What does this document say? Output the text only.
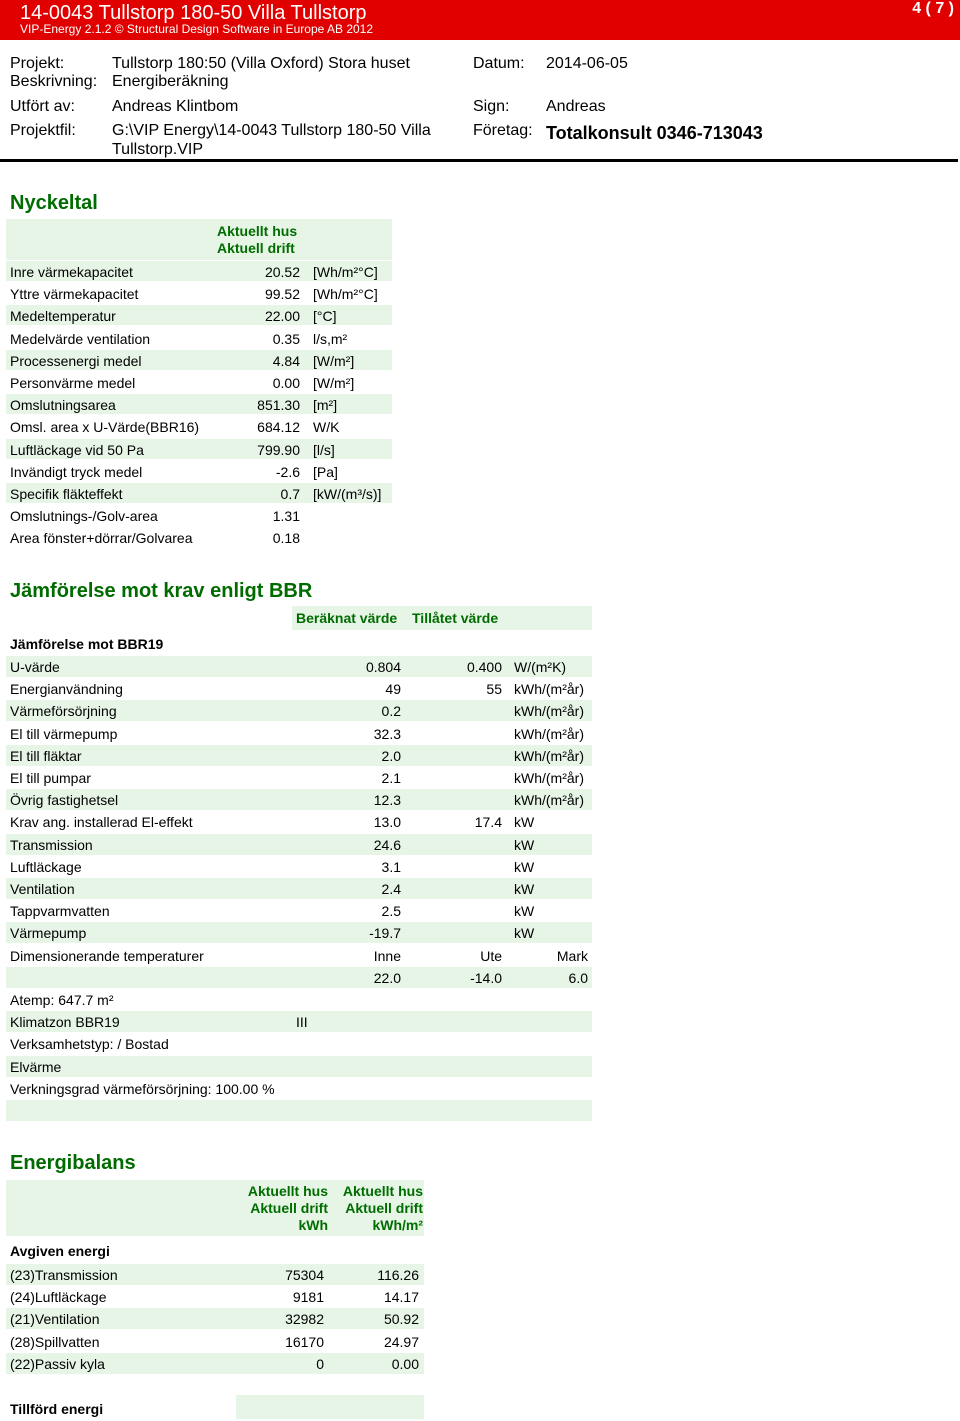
14-0043 Tullstorp 180-50 Villa Tullstorp
VIP-Energy 2.1.2 © Structural Design Software in Europe AB 2012
4 ( 7 )
Projekt:	Tullstorp 180:50 (Villa Oxford) Stora huset
Beskrivning: Energiberäkning
Utfört av: Andreas Klintbom
Projektfil: G:\VIP Energy\14-0043 Tullstorp 180-50 Villa
Tullstorp.VIP
Datum: 2014-06-05
Sign: Andreas
Företag: Totalkonsult 0346-713043
Nyckeltal
Aktuellt hus
Aktuell drift
Inre värmekapacitet	20.52 [Wh/m²°C]
Yttre värmekapacitet	99.52 [Wh/m²°C]
Medeltemperatur	22.00 [°C]
Medelvärde ventilation	0.35 l/s,m²
Processenergi medel	4.84 [W/m²]
Personvärme medel	0.00 [W/m²]
Omslutningsarea	851.30 [m²]
Omsl. area x U-Värde(BBR16)	684.12 W/K
Luftläckage vid 50 Pa	799.90 [l/s]
Invändigt tryck medel	-2.6 [Pa]
Specifik fläkteffekt	0.7 [kW/(m³/s)]
Omslutnings-/Golv-area	1.31
Area fönster+dörrar/Golvarea	0.18
Jämförelse mot krav enligt BBR
Beräknat värde Tillåtet värde
Jämförelse mot BBR19
U-värde	0.804	0.400 W/(m²K)
Energianvändning	49	55 kWh/(m²år)
Värmeförsörjning	0.2	kWh/(m²år)
El till värmepump	32.3	kWh/(m²år)
El till fläktar	2.0	kWh/(m²år)
El till pumpar	2.1	kWh/(m²år)
Övrig fastighetsel	12.3	kWh/(m²år)
Krav ang. installerad El-effekt	13.0	17.4 kW
Transmission	24.6	kW
Luftläckage	3.1	kW
Ventilation	2.4	kW
Tappvarmvatten	2.5	kW
Värmepump	-19.7	kW
Dimensionerande temperaturer	Inne	Ute	Mark
22.0	-14.0	6.0
Atemp: 647.7 m²
Klimatzon BBR19	III
Verksamhetstyp: / Bostad
Elvärme
Verkningsgrad värmeförsörjning: 100.00 %
Energibalans
Aktuellt hus
Aktuell drift
kWh
Aktuellt hus
Aktuell drift
kWh/m²
Avgiven energi
(23)Transmission	75304	116.26
(24)Luftläckage	9181	14.17
(21)Ventilation	32982	50.92
(28)Spillvatten	16170	24.97
(22)Passiv kyla	0	0.00
Tillförd energi
